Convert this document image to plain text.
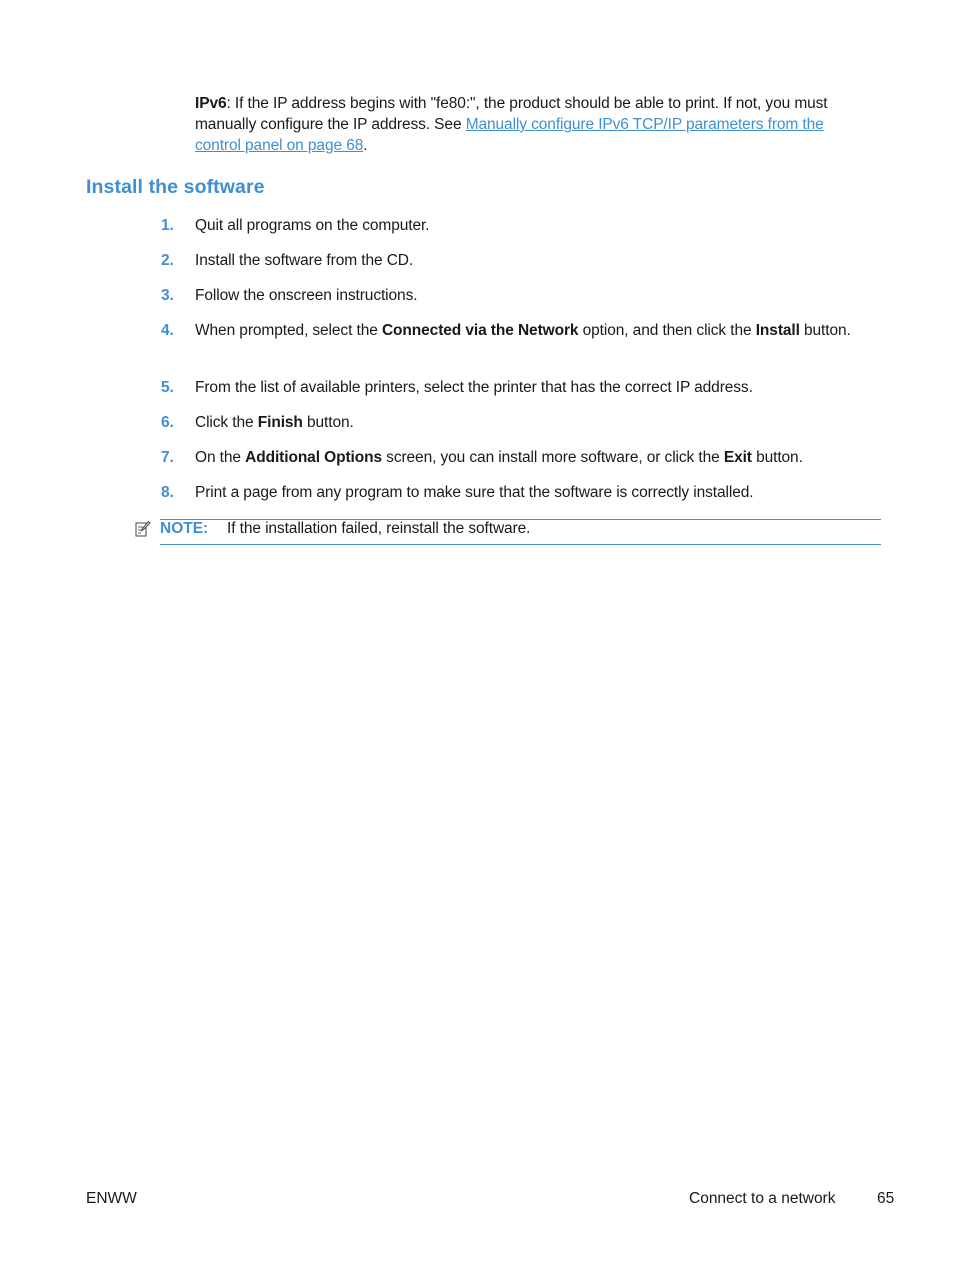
IPv6: If the IP address begins with "fe80:", the product should be able to print. If not, you must manually configure the IP address. See Manually configure IPv6 TCP/IP parameters from the control panel on page 68.
Install the software
1. Quit all programs on the computer.
2. Install the software from the CD.
3. Follow the onscreen instructions.
4. When prompted, select the Connected via the Network option, and then click the Install button.
5. From the list of available printers, select the printer that has the correct IP address.
6. Click the Finish button.
7. On the Additional Options screen, you can install more software, or click the Exit button.
8. Print a page from any program to make sure that the software is correctly installed.
NOTE: If the installation failed, reinstall the software.
ENWW	Connect to a network	65
